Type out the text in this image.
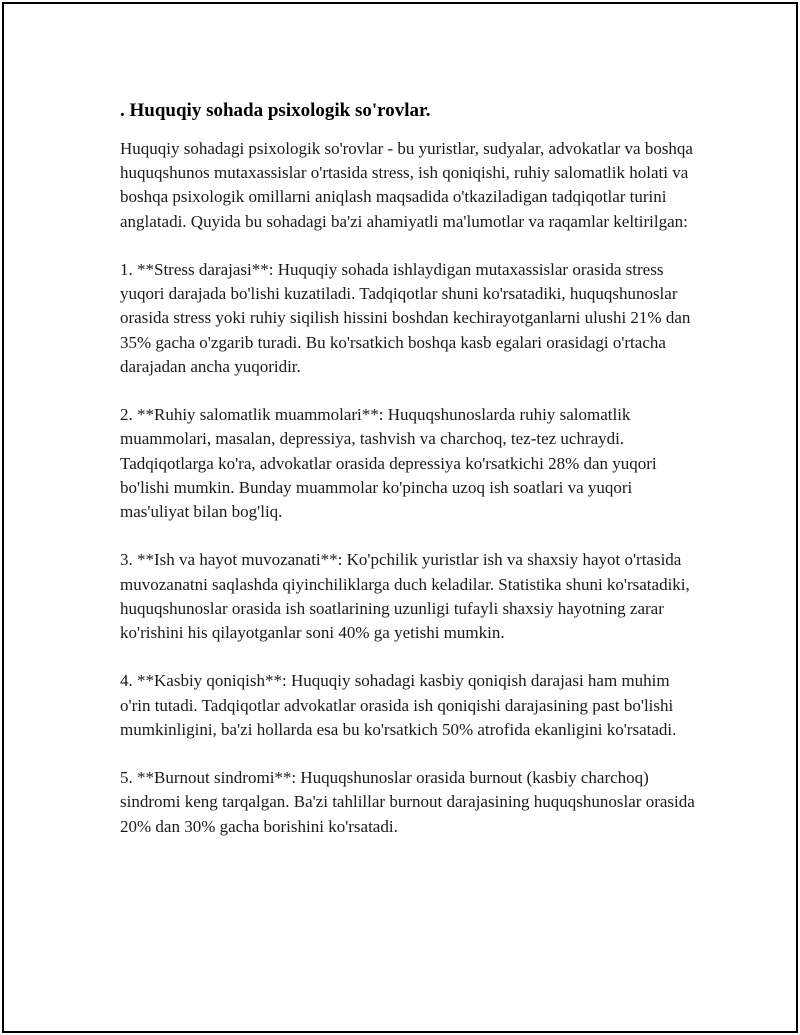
. Huquqiy sohada psixologik so'rovlar.

Huquqiy sohadagi psixologik so'rovlar - bu yuristlar, sudyalar, advokatlar va boshqa huquqshunos mutaxassislar o'rtasida stress, ish qoniqishi, ruhiy salomatlik holati va boshqa psixologik omillarni aniqlash maqsadida o'tkaziladigan tadqiqotlar turini anglatadi. Quyida bu sohadagi ba'zi ahamiyatli ma'lumotlar va raqamlar keltirilgan:

1. **Stress darajasi**: Huquqiy sohada ishlaydigan mutaxassislar orasida stress yuqori darajada bo'lishi kuzatiladi. Tadqiqotlar shuni ko'rsatadiki, huquqshunoslar orasida stress yoki ruhiy siqilish hissini boshdan kechirayotganlarni ulushi 21% dan 35% gacha o'zgarib turadi. Bu ko'rsatkich boshqa kasb egalari orasidagi o'rtacha darajadan ancha yuqoridir.

2. **Ruhiy salomatlik muammolari**: Huquqshunoslarda ruhiy salomatlik muammolari, masalan, depressiya, tashvish va charchoq, tez-tez uchraydi. Tadqiqotlarga ko'ra, advokatlar orasida depressiya ko'rsatkichi 28% dan yuqori bo'lishi mumkin. Bunday muammolar ko'pincha uzoq ish soatlari va yuqori mas'uliyat bilan bog'liq.

3. **Ish va hayot muvozanati**: Ko'pchilik yuristlar ish va shaxsiy hayot o'rtasida muvozanatni saqlashda qiyinchiliklarga duch keladilar. Statistika shuni ko'rsatadiki, huquqshunoslar orasida ish soatlarining uzunligi tufayli shaxsiy hayotning zarar ko'rishini his qilayotganlar soni 40% ga yetishi mumkin.

4. **Kasbiy qoniqish**: Huquqiy sohadagi kasbiy qoniqish darajasi ham muhim o'rin tutadi. Tadqiqotlar advokatlar orasida ish qoniqishi darajasining past bo'lishi mumkinligini, ba'zi hollarda esa bu ko'rsatkich 50% atrofida ekanligini ko'rsatadi.

5. **Burnout sindromi**: Huquqshunoslar orasida burnout (kasbiy charchoq) sindromi keng tarqalgan. Ba'zi tahlillar burnout darajasining huquqshunoslar orasida 20% dan 30% gacha borishini ko'rsatadi.
